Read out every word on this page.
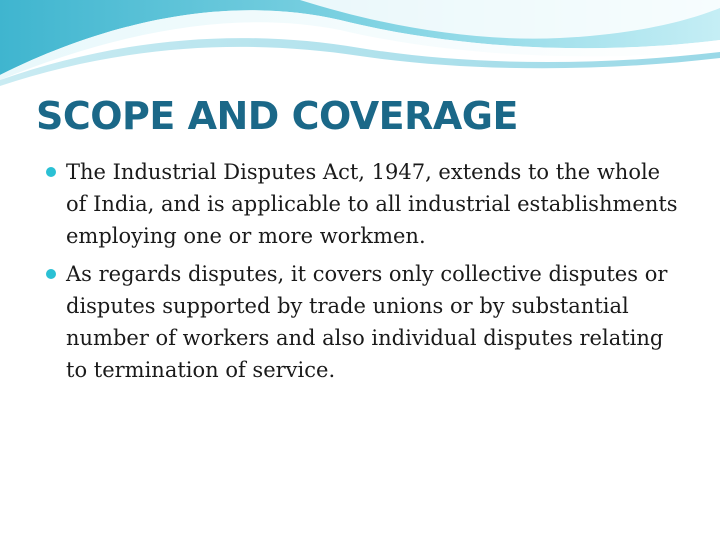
SCOPE AND COVERAGE
The Industrial Disputes Act, 1947, extends to the whole of India, and is applicable to all industrial establishments employing one or more workmen.
As regards disputes, it covers only collective disputes or disputes supported by trade unions or by substantial number of workers and also individual disputes relating to termination of service.
